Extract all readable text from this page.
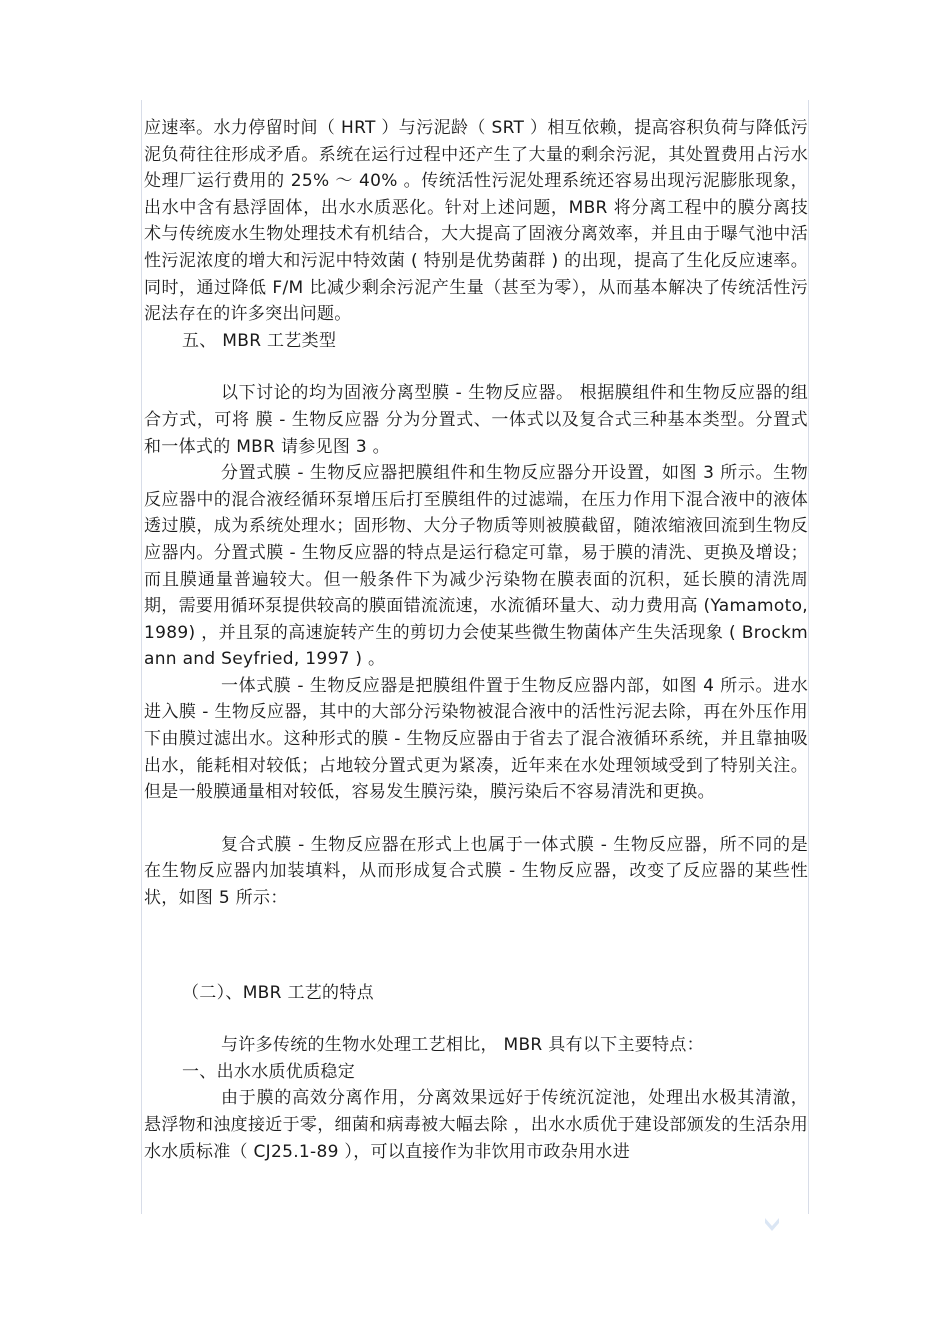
应速率。水力停留时间（ HRT ）与污泥龄（ SRT ）相互依赖，提高容积负荷与降低污泥负荷往往形成矛盾。系统在运行过程中还产生了大量的剩余污泥，其处置费用占污水处理厂运行费用的 25% ～ 40% 。传统活性污泥处理系统还容易出现污泥膨胀现象，出水中含有悬浮固体，出水水质恶化。针对上述问题，MBR 将分离工程中的膜分离技术与传统废水生物处理技术有机结合，大大提高了固液分离效率，并且由于曝气池中活性污泥浓度的增大和污泥中特效菌 ( 特别是优势菌群 ) 的出现，提高了生化反应速率。同时，通过降低 F/M 比减少剩余污泥产生量（甚至为零），从而基本解决了传统活性污泥法存在的许多突出问题。

五、 MBR 工艺类型

以下讨论的均为固液分离型膜 - 生物反应器。 根据膜组件和生物反应器的组合方式，可将 膜 - 生物反应器 分为分置式、一体式以及复合式三种基本类型。分置式和一体式的 MBR 请参见图 3 。

分置式膜 - 生物反应器把膜组件和生物反应器分开设置，如图 3 所示。生物反应器中的混合液经循环泵增压后打至膜组件的过滤端，在压力作用下混合液中的液体透过膜，成为系统处理水；固形物、大分子物质等则被膜截留，随浓缩液回流到生物反应器内。分置式膜 - 生物反应器的特点是运行稳定可靠，易于膜的清洗、更换及增设；而且膜通量普遍较大。但一般条件下为减少污染物在膜表面的沉积，延长膜的清洗周期，需要用循环泵提供较高的膜面错流流速，水流循环量大、动力费用高 (Yamamoto, 1989) ，并且泵的高速旋转产生的剪切力会使某些微生物菌体产生失活现象 ( Brockmann and Seyfried, 1997 ) 。

一体式膜 - 生物反应器是把膜组件置于生物反应器内部，如图 4 所示。进水进入膜 - 生物反应器，其中的大部分污染物被混合液中的活性污泥去除，再在外压作用下由膜过滤出水。这种形式的膜 - 生物反应器由于省去了混合液循环系统，并且靠抽吸出水，能耗相对较低；占地较分置式更为紧凑，近年来在水处理领域受到了特别关注。但是一般膜通量相对较低，容易发生膜污染，膜污染后不容易清洗和更换。

复合式膜 - 生物反应器在形式上也属于一体式膜 - 生物反应器，所不同的是在生物反应器内加装填料，从而形成复合式膜 - 生物反应器，改变了反应器的某些性状，如图 5 所示：

（二）、MBR 工艺的特点

与许多传统的生物水处理工艺相比， MBR 具有以下主要特点：

一、出水水质优质稳定

由于膜的高效分离作用，分离效果远好于传统沉淀池，处理出水极其清澈， 悬浮物和浊度接近于零，细菌和病毒被大幅去除 ，出水水质优于建设部颁发的生活杂用水水质标准（ CJ25.1-89 ），可以直接作为非饮用市政杂用水进
